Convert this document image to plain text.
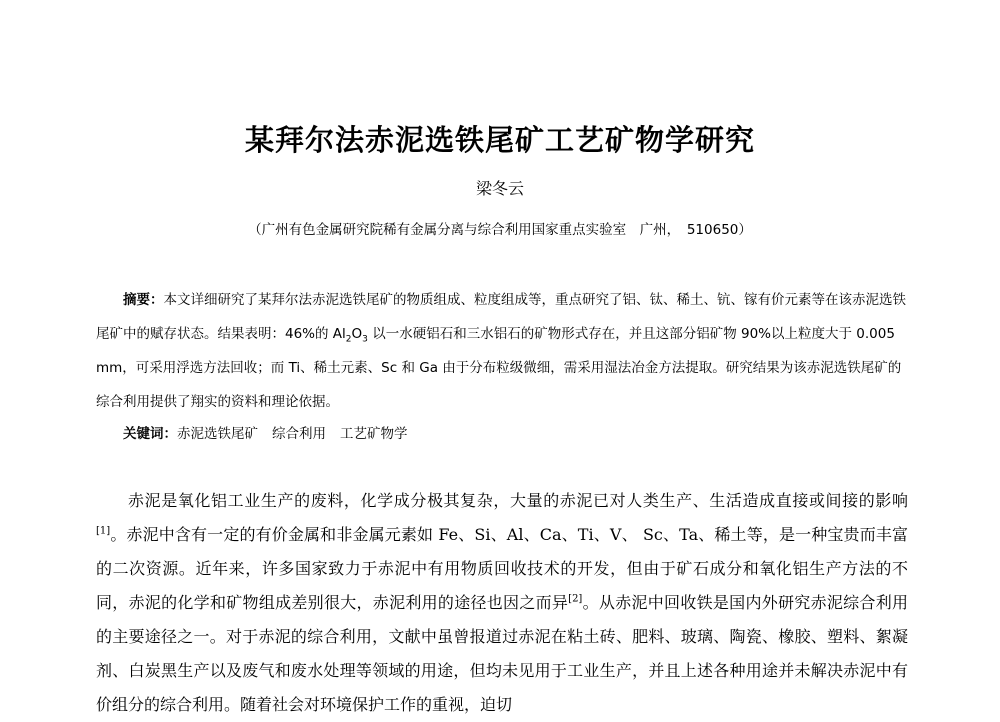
某拜尔法赤泥选铁尾矿工艺矿物学研究
梁冬云
（广州有色金属研究院稀有金属分离与综合利用国家重点实验室　广州，　510650）

摘要：本文详细研究了某拜尔法赤泥选铁尾矿的物质组成、粒度组成等，重点研究了铝、钛、稀土、钪、镓有价元素等在该赤泥选铁尾矿中的赋存状态。结果表明：46%的 $Al_2O_3$ 以一水硬铝石和三水铝石的矿物形式存在，并且这部分铝矿物 90%以上粒度大于 0.005 mm，可采用浮选方法回收；而 Ti、稀土元素、Sc 和 Ga 由于分布粒级微细，需采用湿法冶金方法提取。研究结果为该赤泥选铁尾矿的综合利用提供了翔实的资料和理论依据。

关键词：赤泥选铁尾矿 综合利用 工艺矿物学

赤泥是氧化铝工业生产的废料，化学成分极其复杂，大量的赤泥已对人类生产、生活造成直接或间接的影响[1]。赤泥中含有一定的有价金属和非金属元素如 Fe、Si、Al、Ca、Ti、V、 Sc、Ta、稀土等，是一种宝贵而丰富的二次资源。近年来，许多国家致力于赤泥中有用物质回收技术的开发，但由于矿石成分和氧化铝生产方法的不同，赤泥的化学和矿物组成差别很大，赤泥利用的途径也因之而异[2]。从赤泥中回收铁是国内外研究赤泥综合利用的主要途径之一。对于赤泥的综合利用，文献中虽曾报道过赤泥在粘土砖、肥料、玻璃、陶瓷、橡胶、塑料、絮凝剂、白炭黑生产以及废气和废水处理等领域的用途，但均未见用于工业生产，并且上述各种用途并未解决赤泥中有价组分的综合利用。随着社会对环境保护工作的重视，迫切
